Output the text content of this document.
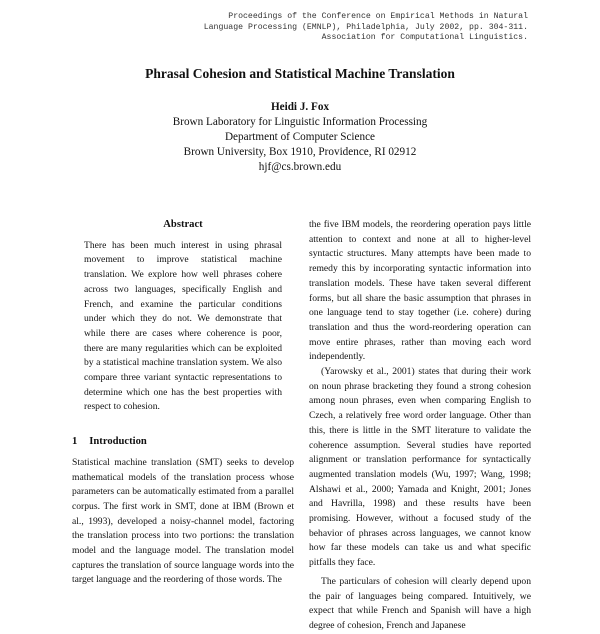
Proceedings of the Conference on Empirical Methods in Natural
Language Processing (EMNLP), Philadelphia, July 2002, pp. 304-311.
Association for Computational Linguistics.
Phrasal Cohesion and Statistical Machine Translation
Heidi J. Fox
Brown Laboratory for Linguistic Information Processing
Department of Computer Science
Brown University, Box 1910, Providence, RI 02912
hjf@cs.brown.edu
Abstract

There has been much interest in using phrasal movement to improve statistical machine translation. We explore how well phrases cohere across two languages, specifically English and French, and examine the particular conditions under which they do not. We demonstrate that while there are cases where coherence is poor, there are many regularities which can be exploited by a statistical machine translation system. We also compare three variant syntactic representations to determine which one has the best properties with respect to cohesion.

1 Introduction

Statistical machine translation (SMT) seeks to develop mathematical models of the translation process whose parameters can be automatically estimated from a parallel corpus. The first work in SMT, done at IBM (Brown et al., 1993), developed a noisy-channel model, factoring the translation process into two portions: the translation model and the language model. The translation model captures the translation of source language words into the target language and the reordering of those words. The

the five IBM models, the reordering operation pays little attention to context and none at all to higher-level syntactic structures. Many attempts have been made to remedy this by incorporating syntactic information into translation models. These have taken several different forms, but all share the basic assumption that phrases in one language tend to stay together (i.e. cohere) during translation and thus the word-reordering operation can move entire phrases, rather than moving each word independently.

(Yarowsky et al., 2001) states that during their work on noun phrase bracketing they found a strong cohesion among noun phrases, even when comparing English to Czech, a relatively free word order language. Other than this, there is little in the SMT literature to validate the coherence assumption. Several studies have reported alignment or translation performance for syntactically augmented translation models (Wu, 1997; Wang, 1998; Alshawi et al., 2000; Yamada and Knight, 2001; Jones and Havrilla, 1998) and these results have been promising. However, without a focused study of the behavior of phrases across languages, we cannot know how far these models can take us and what specific pitfalls they face.

The particulars of cohesion will clearly depend upon the pair of languages being compared. Intuitively, we expect that while French and Spanish will have a high degree of cohesion, French and Japanese
